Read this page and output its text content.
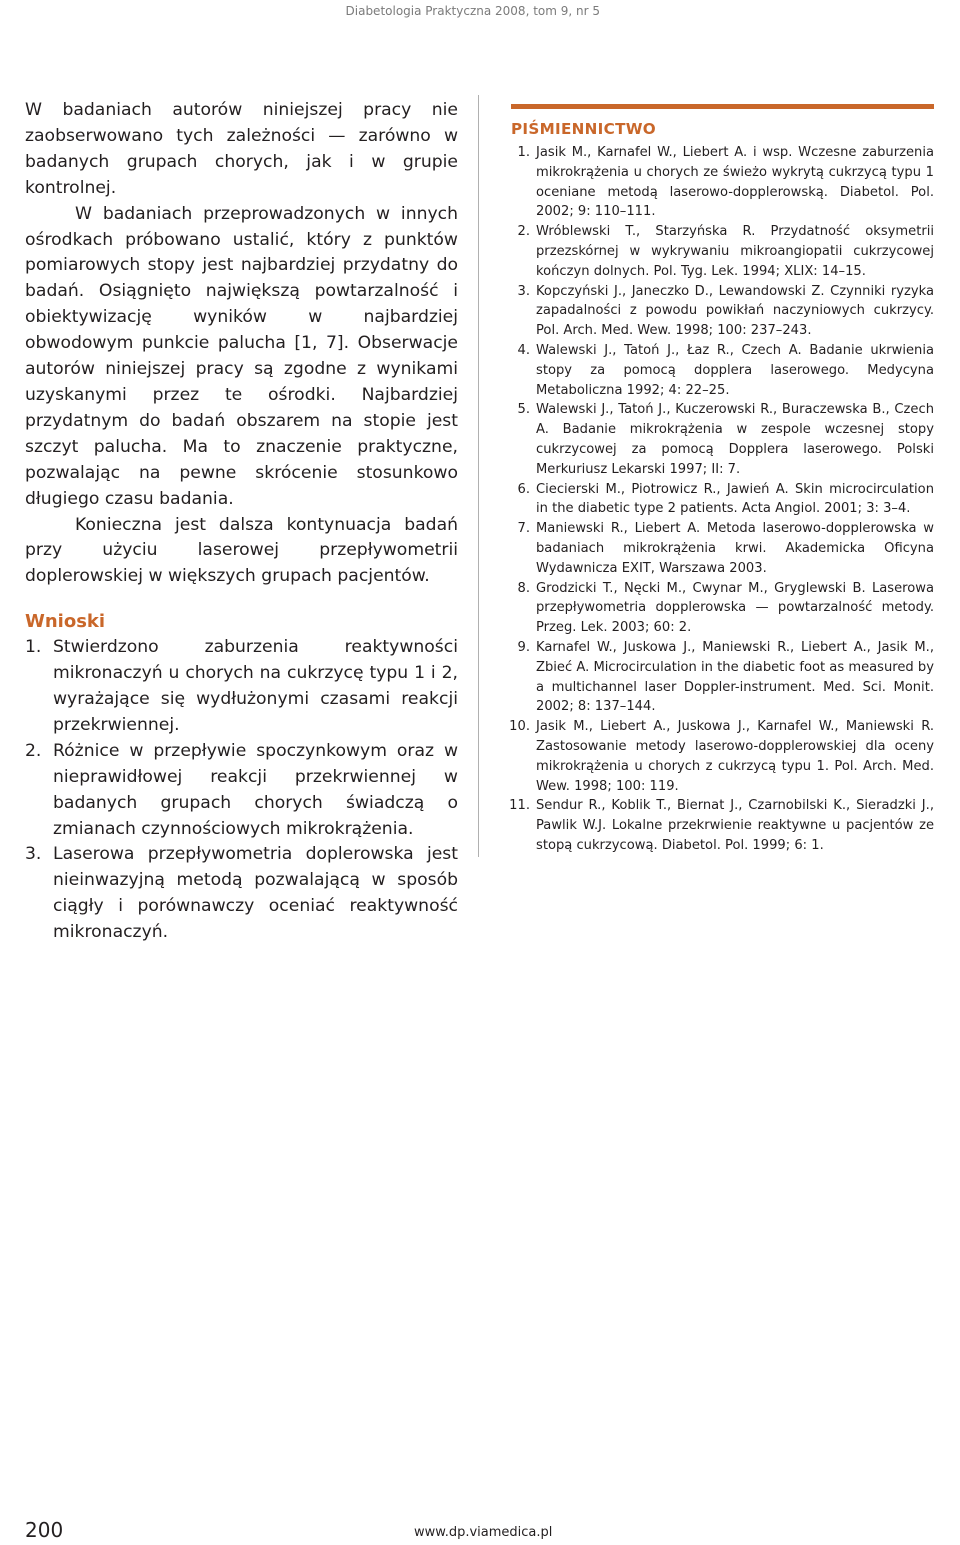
Diabetologia Praktyczna 2008, tom 9, nr 5

W badaniach autorów niniejszej pracy nie zaobserwowano tych zależności — zarówno w badanych grupach chorych, jak i w grupie kontrolnej.

W badaniach przeprowadzonych w innych ośrodkach próbowano ustalić, który z punktów pomiarowych stopy jest najbardziej przydatny do badań. Osiągnięto największą powtarzalność i obiektywizację wyników w najbardziej obwodowym punkcie palucha [1, 7]. Obserwacje autorów niniejszej pracy są zgodne z wynikami uzyskanymi przez te ośrodki. Najbardziej przydatnym do badań obszarem na stopie jest szczyt palucha. Ma to znaczenie praktyczne, pozwalając na pewne skrócenie stosunkowo długiego czasu badania.

Konieczna jest dalsza kontynuacja badań przy użyciu laserowej przepływometrii doplerowskiej w większych grupach pacjentów.

Wnioski
1. Stwierdzono zaburzenia reaktywności mikronaczyń u chorych na cukrzycę typu 1 i 2, wyrażające się wydłużonymi czasami reakcji przekrwiennej.
2. Różnice w przepływie spoczynkowym oraz w nieprawidłowej reakcji przekrwiennej w badanych grupach chorych świadczą o zmianach czynnościowych mikrokrążenia.
3. Laserowa przepływometria doplerowska jest nieinwazyjną metodą pozwalającą w sposób ciągły i porównawczy oceniać reaktywność mikronaczyń.
PIŚMIENNICTWO
1. Jasik M., Karnafel W., Liebert A. i wsp. Wczesne zaburzenia mikrokrążenia u chorych ze świeżo wykrytą cukrzycą typu 1 oceniane metodą laserowo-dopplerowską. Diabetol. Pol. 2002; 9: 110–111.
2. Wróblewski T., Starzyńska R. Przydatność oksymetrii przezskórnej w wykrywaniu mikroangiopatii cukrzycowej kończyn dolnych. Pol. Tyg. Lek. 1994; XLIX: 14–15.
3. Kopczyński J., Janeczko D., Lewandowski Z. Czynniki ryzyka zapadalności z powodu powikłań naczyniowych cukrzycy. Pol. Arch. Med. Wew. 1998; 100: 237–243.
4. Walewski J., Tatoń J., Łaz R., Czech A. Badanie ukrwienia stopy za pomocą dopplera laserowego. Medycyna Metaboliczna 1992; 4: 22–25.
5. Walewski J., Tatoń J., Kuczerowski R., Buraczewska B., Czech A. Badanie mikrokrążenia w zespole wczesnej stopy cukrzycowej za pomocą Dopplera laserowego. Polski Merkuriusz Lekarski 1997; II: 7.
6. Ciecierski M., Piotrowicz R., Jawień A. Skin microcirculation in the diabetic type 2 patients. Acta Angiol. 2001; 3: 3–4.
7. Maniewski R., Liebert A. Metoda laserowo-dopplerowska w badaniach mikrokrążenia krwi. Akademicka Oficyna Wydawnicza EXIT, Warszawa 2003.
8. Grodzicki T., Nęcki M., Cwynar M., Gryglewski B. Laserowa przepływometria dopplerowska — powtarzalność metody. Przeg. Lek. 2003; 60: 2.
9. Karnafel W., Juskowa J., Maniewski R., Liebert A., Jasik M., Zbieć A. Microcirculation in the diabetic foot as measured by a multichannel laser Doppler-instrument. Med. Sci. Monit. 2002; 8: 137–144.
10. Jasik M., Liebert A., Juskowa J., Karnafel W., Maniewski R. Zastosowanie metody laserowo-dopplerowskiej dla oceny mikrokrążenia u chorych z cukrzycą typu 1. Pol. Arch. Med. Wew. 1998; 100: 119.
11. Sendur R., Koblik T., Biernat J., Czarnobilski K., Sieradzki J., Pawlik W.J. Lokalne przekrwienie reaktywne u pacjentów ze stopą cukrzycową. Diabetol. Pol. 1999; 6: 1.
200	www.dp.viamedica.pl
